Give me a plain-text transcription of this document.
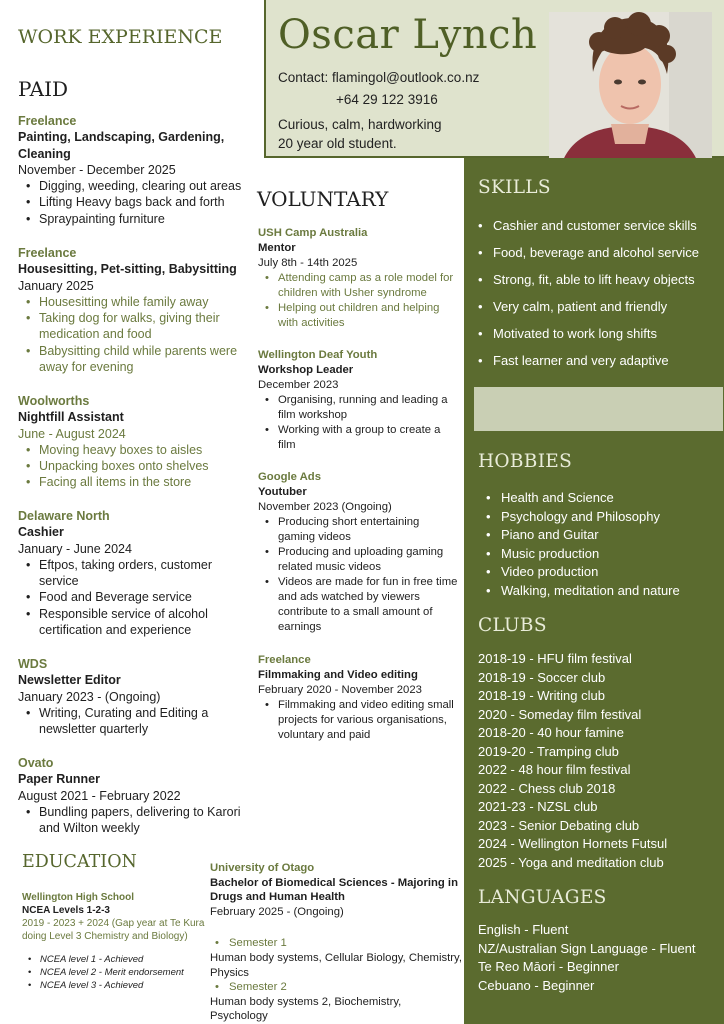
Oscar Lynch
Contact: flamingol@outlook.co.nz
+64 29 122 3916
Curious, calm, hardworking
20 year old student.
SKILLS
• Cashier and customer service skills
• Food, beverage and alcohol service
• Strong, fit, able to lift heavy objects
• Very calm, patient and friendly
• Motivated to work long shifts
• Fast learner and very adaptive
HOBBIES
• Health and Science
• Psychology and Philosophy
• Piano and Guitar
• Music production
• Video production
• Walking, meditation and nature
CLUBS
2018-19 - HFU film festival
2018-19 - Soccer club
2018-19 - Writing club
2020 - Someday film festival
2018-20 - 40 hour famine
2019-20 - Tramping club
2022 - 48 hour film festival
2022 - Chess club 2018
2021-23 - NZSL club
2023 - Senior Debating club
2024 - Wellington Hornets Futsul
2025 - Yoga and meditation club
LANGUAGES
English - Fluent
NZ/Australian Sign Language - Fluent
Te Reo Māori - Beginner
Cebuano - Beginner
WORK EXPERIENCE
PAID
Freelance
Painting, Landscaping, Gardening, Cleaning
November - December 2025
• Digging, weeding, clearing out areas
• Lifting Heavy bags back and forth
• Spraypainting furniture
Freelance
Housesitting, Pet-sitting, Babysitting
January 2025
• Housesitting while family away
• Taking dog for walks, giving their medication and food
• Babysitting child while parents were away for evening
Woolworths
Nightfill Assistant
June - August 2024
• Moving heavy boxes to aisles
• Unpacking boxes onto shelves
• Facing all items in the store
Delaware North
Cashier
January - June 2024
• Eftpos, taking orders, customer service
• Food and Beverage service
• Responsible service of alcohol certification and experience
WDS
Newsletter Editor
January 2023 - (Ongoing)
• Writing, Curating and Editing a newsletter quarterly
Ovato
Paper Runner
August 2021 - February 2022
• Bundling papers, delivering to Karori and Wilton weekly
VOLUNTARY
USH Camp Australia
Mentor
July 8th - 14th 2025
• Attending camp as a role model for children with Usher syndrome
• Helping out children and helping with activities
Wellington Deaf Youth
Workshop Leader
December 2023
• Organising, running and leading a film workshop
• Working with a group to create a film
Google Ads
Youtuber
November 2023 (Ongoing)
• Producing short entertaining gaming videos
• Producing and uploading gaming related music videos
• Videos are made for fun in free time and ads watched by viewers contribute to a small amount of earnings
Freelance
Filmmaking and Video editing
February 2020 - November 2023
• Filmmaking and video editing small projects for various organisations, voluntary and paid
EDUCATION
Wellington High School
NCEA Levels 1-2-3
2019 - 2023 + 2024 (Gap year at Te Kura doing Level 3 Chemistry and Biology)
• NCEA level 1 - Achieved
• NCEA level 2 - Merit endorsement
• NCEA level 3 - Achieved
University of Otago
Bachelor of Biomedical Sciences - Majoring in Drugs and Human Health
February 2025 - (Ongoing)
• Semester 1
Human body systems, Cellular Biology, Chemistry, Physics
• Semester 2
Human body systems 2, Biochemistry, Psychology
